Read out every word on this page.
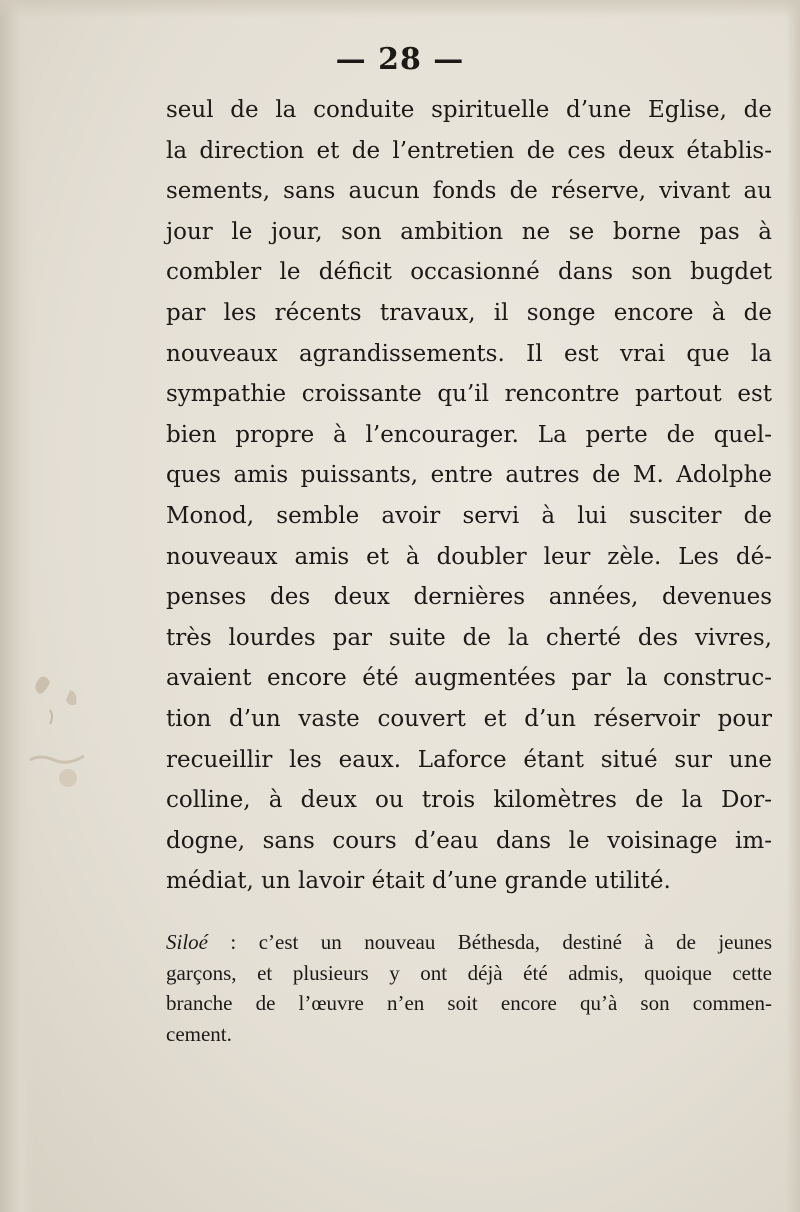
— 28 —
seul de la conduite spirituelle d’une Eglise, de
la direction et de l’entretien de ces deux établis-
sements, sans aucun fonds de réserve, vivant au
jour le jour, son ambition ne se borne pas à
combler le déficit occasionné dans son bugdet
par les récents travaux, il songe encore à de
nouveaux agrandissements. Il est vrai que la
sympathie croissante qu’il rencontre partout est
bien propre à l’encourager. La perte de quel-
ques amis puissants, entre autres de M. Adolphe
Monod, semble avoir servi à lui susciter de
nouveaux amis et à doubler leur zèle. Les dé-
penses des deux dernières années, devenues
très lourdes par suite de la cherté des vivres,
avaient encore été augmentées par la construc-
tion d’un vaste couvert et d’un réservoir pour
recueillir les eaux. Laforce étant situé sur une
colline, à deux ou trois kilomètres de la Dor-
dogne, sans cours d’eau dans le voisinage im-
médiat, un lavoir était d’une grande utilité.
Siloé : c’est un nouveau Béthesda, destiné à de jeunes
garçons, et plusieurs y ont déjà été admis, quoique cette
branche de l’œuvre n’en soit encore qu’à son commen-
cement.
